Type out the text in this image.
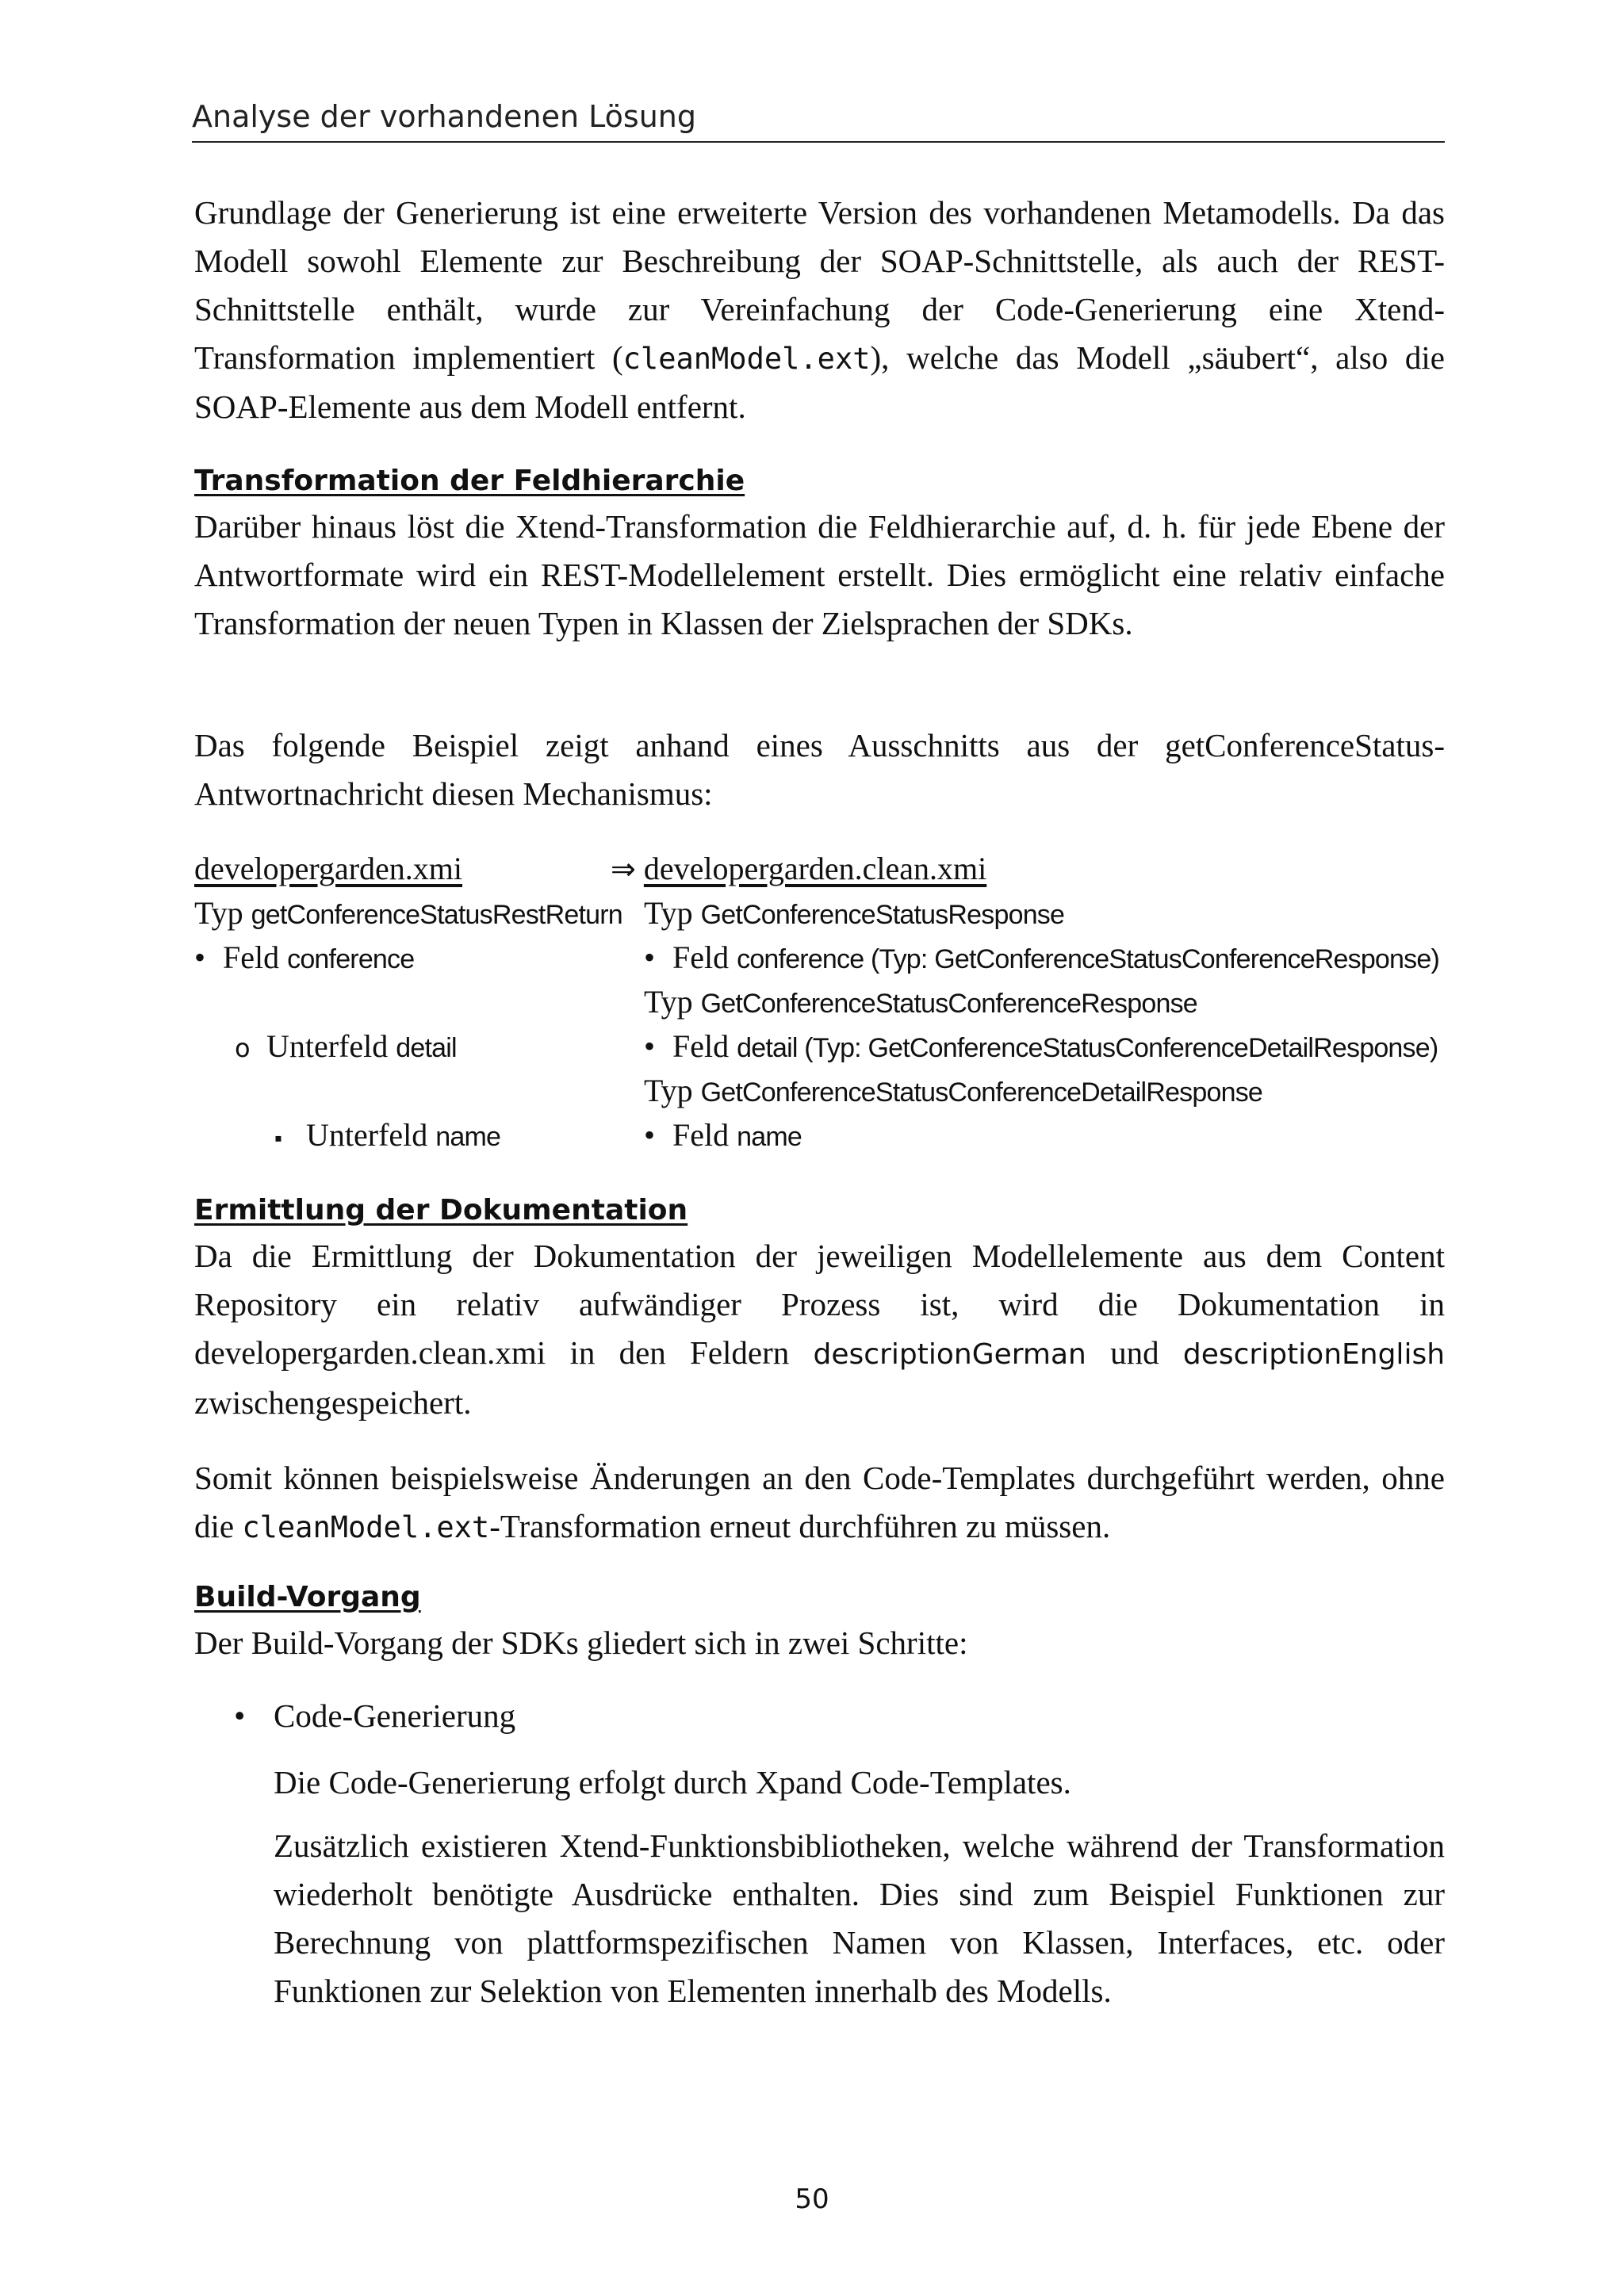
Analyse der vorhandenen Lösung

Grundlage der Generierung ist eine erweiterte Version des vorhandenen Metamodells. Da das Modell sowohl Elemente zur Beschreibung der SOAP-Schnittstelle, als auch der REST-Schnittstelle enthält, wurde zur Vereinfachung der Code-Generierung eine Xtend-Transformation implementiert (cleanModel.ext), welche das Modell „säubert“, also die SOAP-Elemente aus dem Modell entfernt.

Transformation der Feldhierarchie

Darüber hinaus löst die Xtend-Transformation die Feldhierarchie auf, d. h. für jede Ebene der Antwortformate wird ein REST-Modellelement erstellt. Dies ermöglicht eine relativ einfache Transformation der neuen Typen in Klassen der Zielsprachen der SDKs.

Das folgende Beispiel zeigt anhand eines Ausschnitts aus der getConferenceStatus-Antwortnachricht diesen Mechanismus:

developergarden.xmi
Typ getConferenceStatusRestReturn
• Feld conference
o Unterfeld detail
▪ Unterfeld name
⇒ developergarden.clean.xmi
Typ GetConferenceStatusResponse
• Feld conference (Typ: GetConferenceStatusConferenceResponse)
Typ GetConferenceStatusConferenceResponse
• Feld detail (Typ: GetConferenceStatusConferenceDetailResponse)
Typ GetConferenceStatusConferenceDetailResponse
• Feld name

Ermittlung der Dokumentation

Da die Ermittlung der Dokumentation der jeweiligen Modellelemente aus dem Content Repository ein relativ aufwändiger Prozess ist, wird die Dokumentation in developergarden.clean.xmi in den Feldern descriptionGerman und descriptionEnglish zwischengespeichert.

Somit können beispielsweise Änderungen an den Code-Templates durchgeführt werden, ohne die cleanModel.ext-Transformation erneut durchführen zu müssen.

Build-Vorgang

Der Build-Vorgang der SDKs gliedert sich in zwei Schritte:

• Code-Generierung

Die Code-Generierung erfolgt durch Xpand Code-Templates.

Zusätzlich existieren Xtend-Funktionsbibliotheken, welche während der Transformation wiederholt benötigte Ausdrücke enthalten. Dies sind zum Beispiel Funktionen zur Berechnung von plattformspezifischen Namen von Klassen, Interfaces, etc. oder Funktionen zur Selektion von Elementen innerhalb des Modells.

50
